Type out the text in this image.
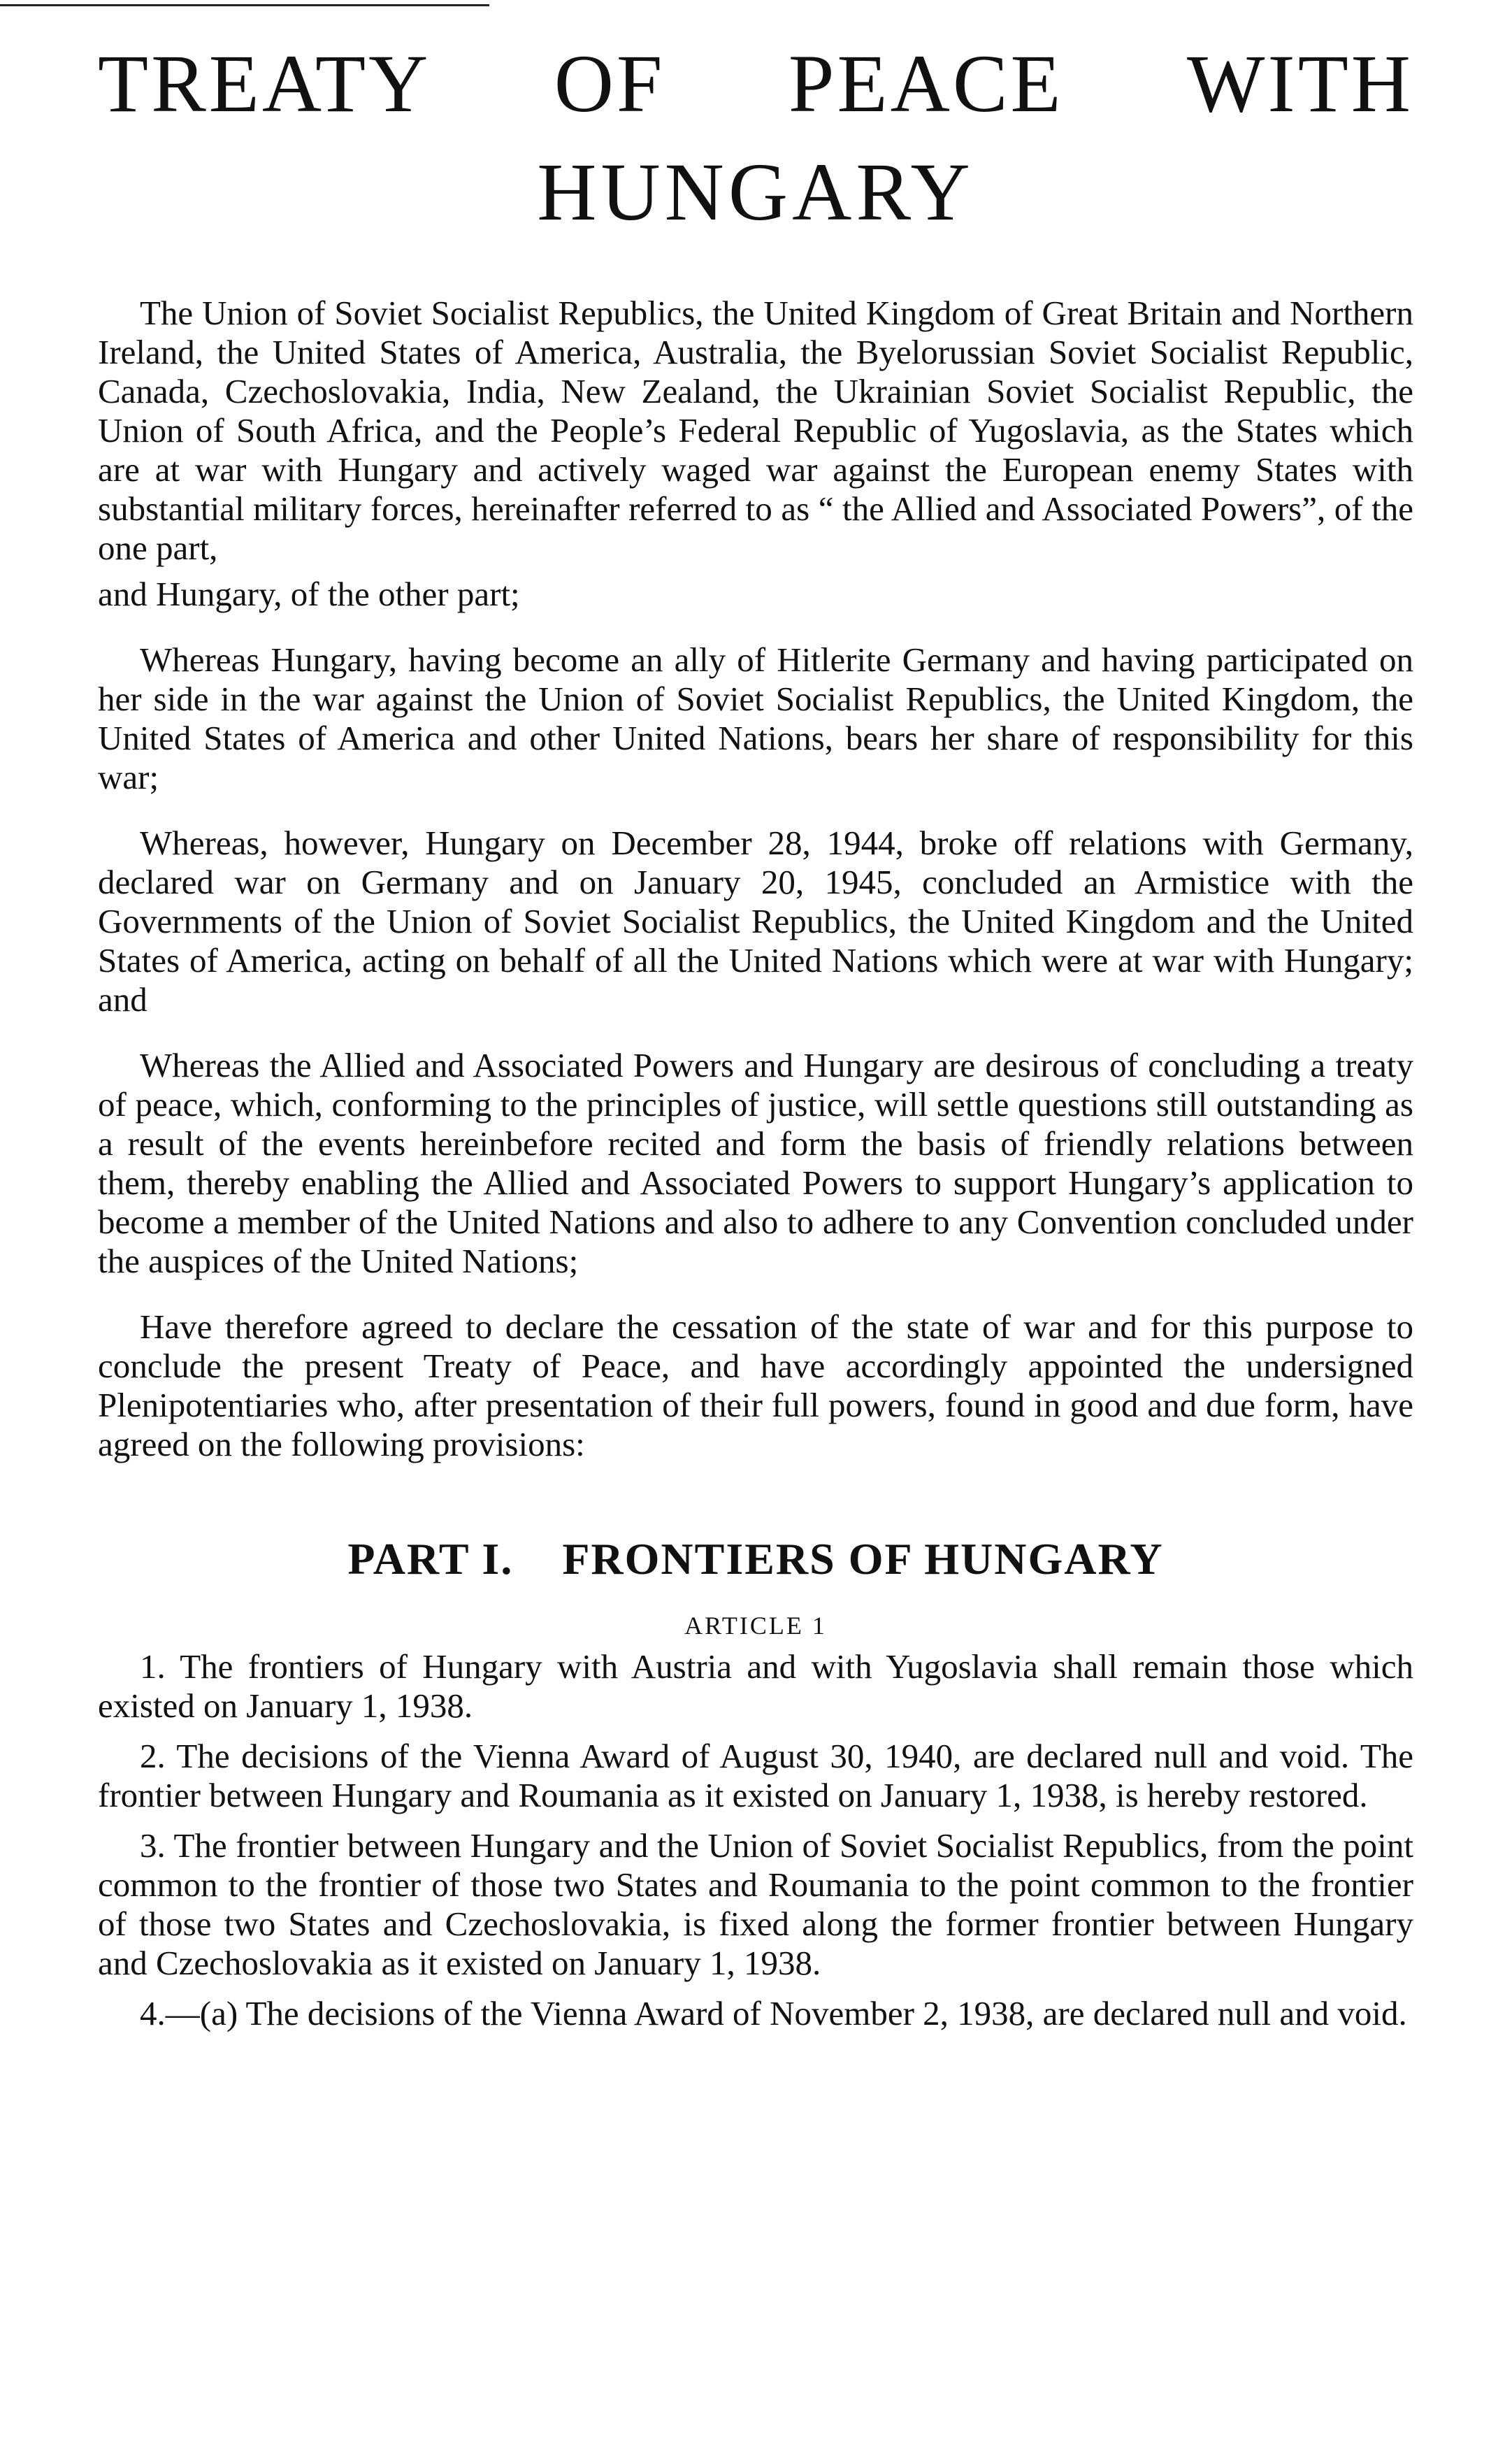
TREATY OF PEACE WITH
HUNGARY

The Union of Soviet Socialist Republics, the United Kingdom of Great Britain and Northern Ireland, the United States of America, Australia, the Byelorussian Soviet Socialist Republic, Canada, Czechoslovakia, India, New Zealand, the Ukrainian Soviet Socialist Republic, the Union of South Africa, and the People’s Federal Republic of Yugoslavia, as the States which are at war with Hungary and actively waged war against the European enemy States with substantial military forces, hereinafter referred to as “ the Allied and Associated Powers”, of the one part,

and Hungary, of the other part;

Whereas Hungary, having become an ally of Hitlerite Germany and having participated on her side in the war against the Union of Soviet Socialist Republics, the United Kingdom, the United States of America and other United Nations, bears her share of responsibility for this war;

Whereas, however, Hungary on December 28, 1944, broke off relations with Germany, declared war on Germany and on January 20, 1945, concluded an Armistice with the Governments of the Union of Soviet Socialist Republics, the United Kingdom and the United States of America, acting on behalf of all the United Nations which were at war with Hungary; and

Whereas the Allied and Associated Powers and Hungary are desirous of concluding a treaty of peace, which, conforming to the principles of justice, will settle questions still outstanding as a result of the events hereinbefore recited and form the basis of friendly relations between them, thereby enabling the Allied and Associated Powers to support Hungary’s application to become a member of the United Nations and also to adhere to any Convention concluded under the auspices of the United Nations;

Have therefore agreed to declare the cessation of the state of war and for this purpose to conclude the present Treaty of Peace, and have accordingly appointed the undersigned Plenipotentiaries who, after presentation of their full powers, found in good and due form, have agreed on the following provisions:

PART I. FRONTIERS OF HUNGARY
ARTICLE 1

1. The frontiers of Hungary with Austria and with Yugoslavia shall remain those which existed on January 1, 1938.

2. The decisions of the Vienna Award of August 30, 1940, are declared null and void. The frontier between Hungary and Roumania as it existed on January 1, 1938, is hereby restored.

3. The frontier between Hungary and the Union of Soviet Socialist Republics, from the point common to the frontier of those two States and Roumania to the point common to the frontier of those two States and Czechoslovakia, is fixed along the former frontier between Hungary and Czechoslovakia as it existed on January 1, 1938.

4.—(a) The decisions of the Vienna Award of November 2, 1938, are declared null and void.
